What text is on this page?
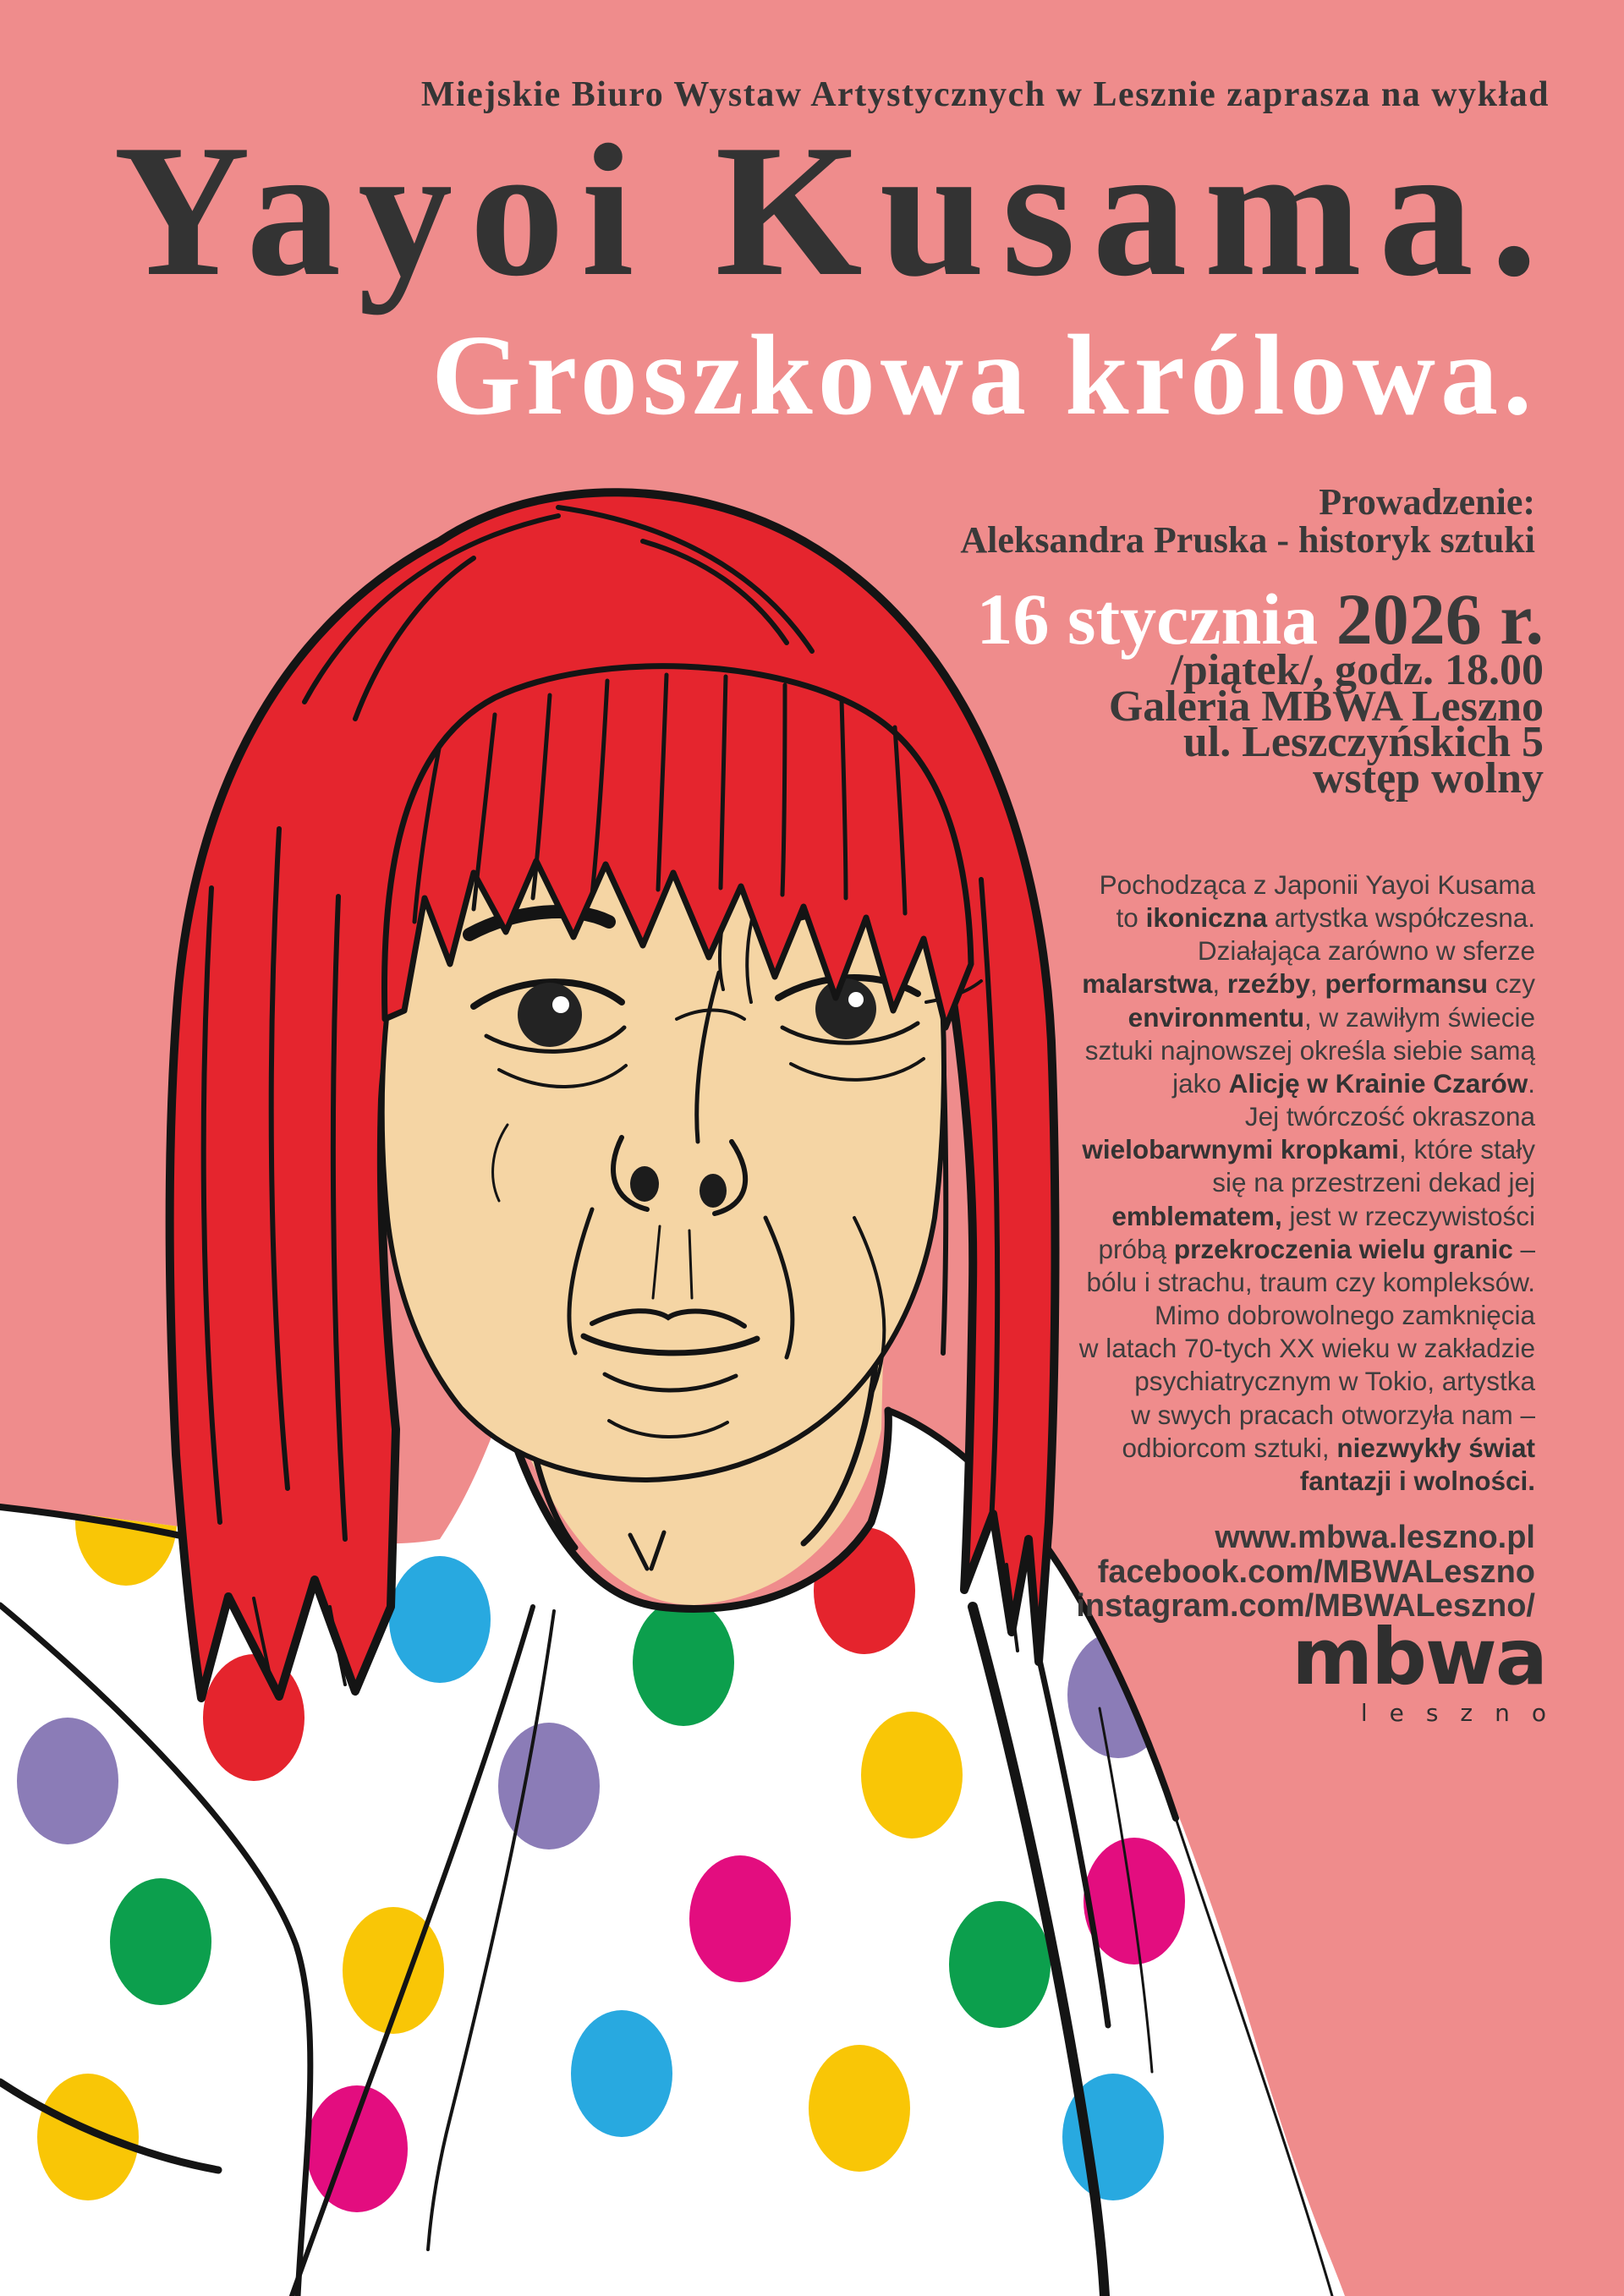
Miejskie Biuro Wystaw Artystycznych w Lesznie zaprasza na wykład
Yayoi Kusama.
Groszkowa królowa.
Prowadzenie:
Aleksandra Pruska - historyk sztuki
16 stycznia 2026 r.
/piątek/, godz. 18.00
Galeria MBWA Leszno
ul. Leszczyńskich 5
wstęp wolny
Pochodząca z Japonii Yayoi Kusama
to ikoniczna artystka współczesna.
Działająca zarówno w sferze
malarstwa, rzeźby, performansu czy
environmentu, w zawiłym świecie
sztuki najnowszej określa siebie samą
jako Alicję w Krainie Czarów.
Jej twórczość okraszona
wielobarwnymi kropkami, które stały
się na przestrzeni dekad jej
emblematem, jest w rzeczywistości
próbą przekroczenia wielu granic –
bólu i strachu, traum czy kompleksów.
Mimo dobrowolnego zamknięcia
w latach 70-tych XX wieku w zakładzie
psychiatrycznym w Tokio, artystka
w swych pracach otworzyła nam –
odbiorcom sztuki, niezwykły świat
fantazji i wolności.
www.mbwa.leszno.pl
facebook.com/MBWALeszno
instagram.com/MBWALeszno/
mbwa
leszno
